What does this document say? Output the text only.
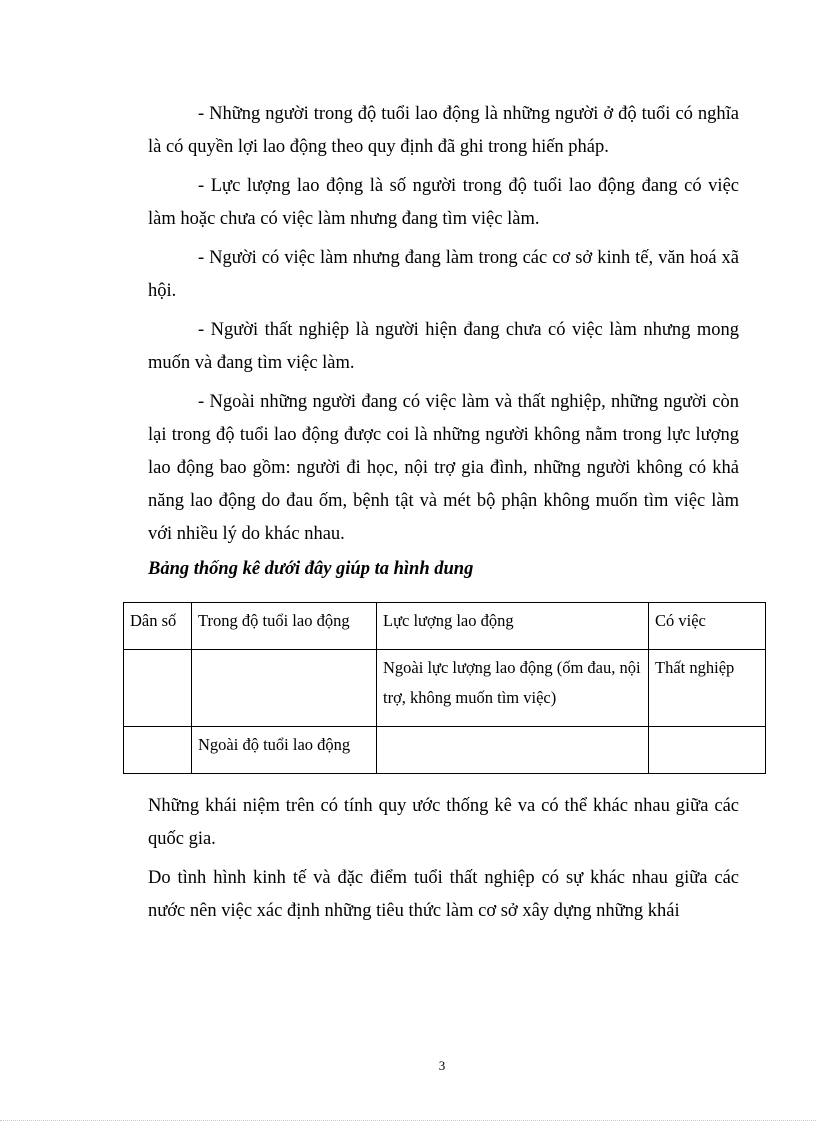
- Những người trong độ tuổi lao động là những người ở độ tuổi có nghĩa là có quyền lợi lao động theo quy định đã ghi trong hiến pháp.

- Lực lượng lao động là số người trong độ tuổi lao động đang có việc làm hoặc chưa có việc làm nhưng đang tìm việc làm.

- Người có việc làm nhưng đang làm trong các cơ sở kinh tế, văn hoá xã hội.

- Người thất nghiệp là người hiện đang chưa có việc làm nhưng mong muốn và đang tìm việc làm.

- Ngoài những người đang có việc làm và thất nghiệp, những người còn lại trong độ tuổi lao động được coi là những người không nằm trong lực lượng lao động bao gồm: người đi học, nội trợ gia đình, những người không có khả năng lao động do đau ốm, bệnh tật và mét bộ phận không muốn tìm việc làm với nhiều lý do khác nhau.

Bảng thống kê dưới đây giúp ta hình dung

Dân số	Trong độ tuổi lao động	Lực lượng lao động	Có việc
		Ngoài lực lượng lao động (ốm đau, nội trợ, không muốn tìm việc)	Thất nghiệp
	Ngoài độ tuổi lao động		

Những khái niệm trên có tính quy ước thống kê va có thể khác nhau giữa các quốc gia.

Do tình hình kinh tế và đặc điểm tuổi thất nghiệp có sự khác nhau giữa các nước nên việc xác định những tiêu thức làm cơ sở xây dựng những khái

3
